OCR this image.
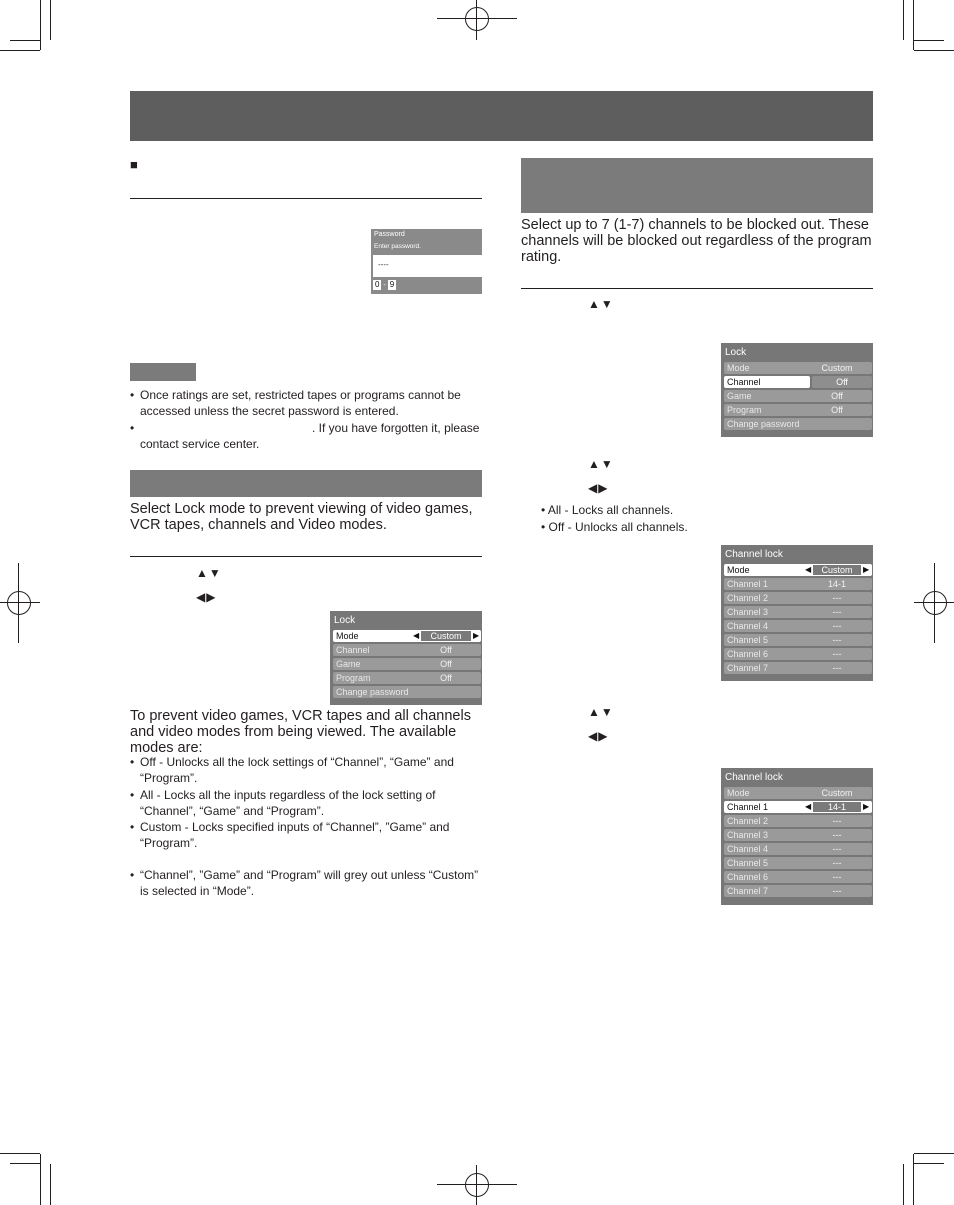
■
Password
Enter password.
----
0 - 9
• Once ratings are set, restricted tapes or programs cannot be accessed unless the secret password is entered.
• . If you have forgotten it, please contact service center.
Select Lock mode to prevent viewing of video games, VCR tapes, channels and Video modes.
▲▼
◀▶
Lock
Mode	◀	Custom	▶
Channel	Off
Game	Off
Program	Off
Change password
To prevent video games, VCR tapes and all channels and video modes from being viewed. The available modes are:
• Off - Unlocks all the lock settings of “Channel”, “Game” and “Program”.
• All - Locks all the inputs regardless of the lock setting of “Channel”, “Game” and “Program”.
• Custom - Locks specified inputs of “Channel”, ”Game” and “Program”.
• “Channel”, ”Game” and “Program” will grey out unless “Custom” is selected in “Mode”.
Select up to 7 (1-7) channels to be blocked out. These channels will be blocked out regardless of the program rating.
▲▼
Lock
Mode	Custom
Channel	Off
Game	Off
Program	Off
Change password
▲▼
◀▶
• All - Locks all channels.
• Off - Unlocks all channels.
Channel lock
Mode	◀	Custom	▶
Channel 1	14-1
Channel 2	---
Channel 3	---
Channel 4	---
Channel 5	---
Channel 6	---
Channel 7	---
▲▼
◀▶
Channel lock
Mode	Custom
Channel 1	◀	14-1	▶
Channel 2	---
Channel 3	---
Channel 4	---
Channel 5	---
Channel 6	---
Channel 7	---
